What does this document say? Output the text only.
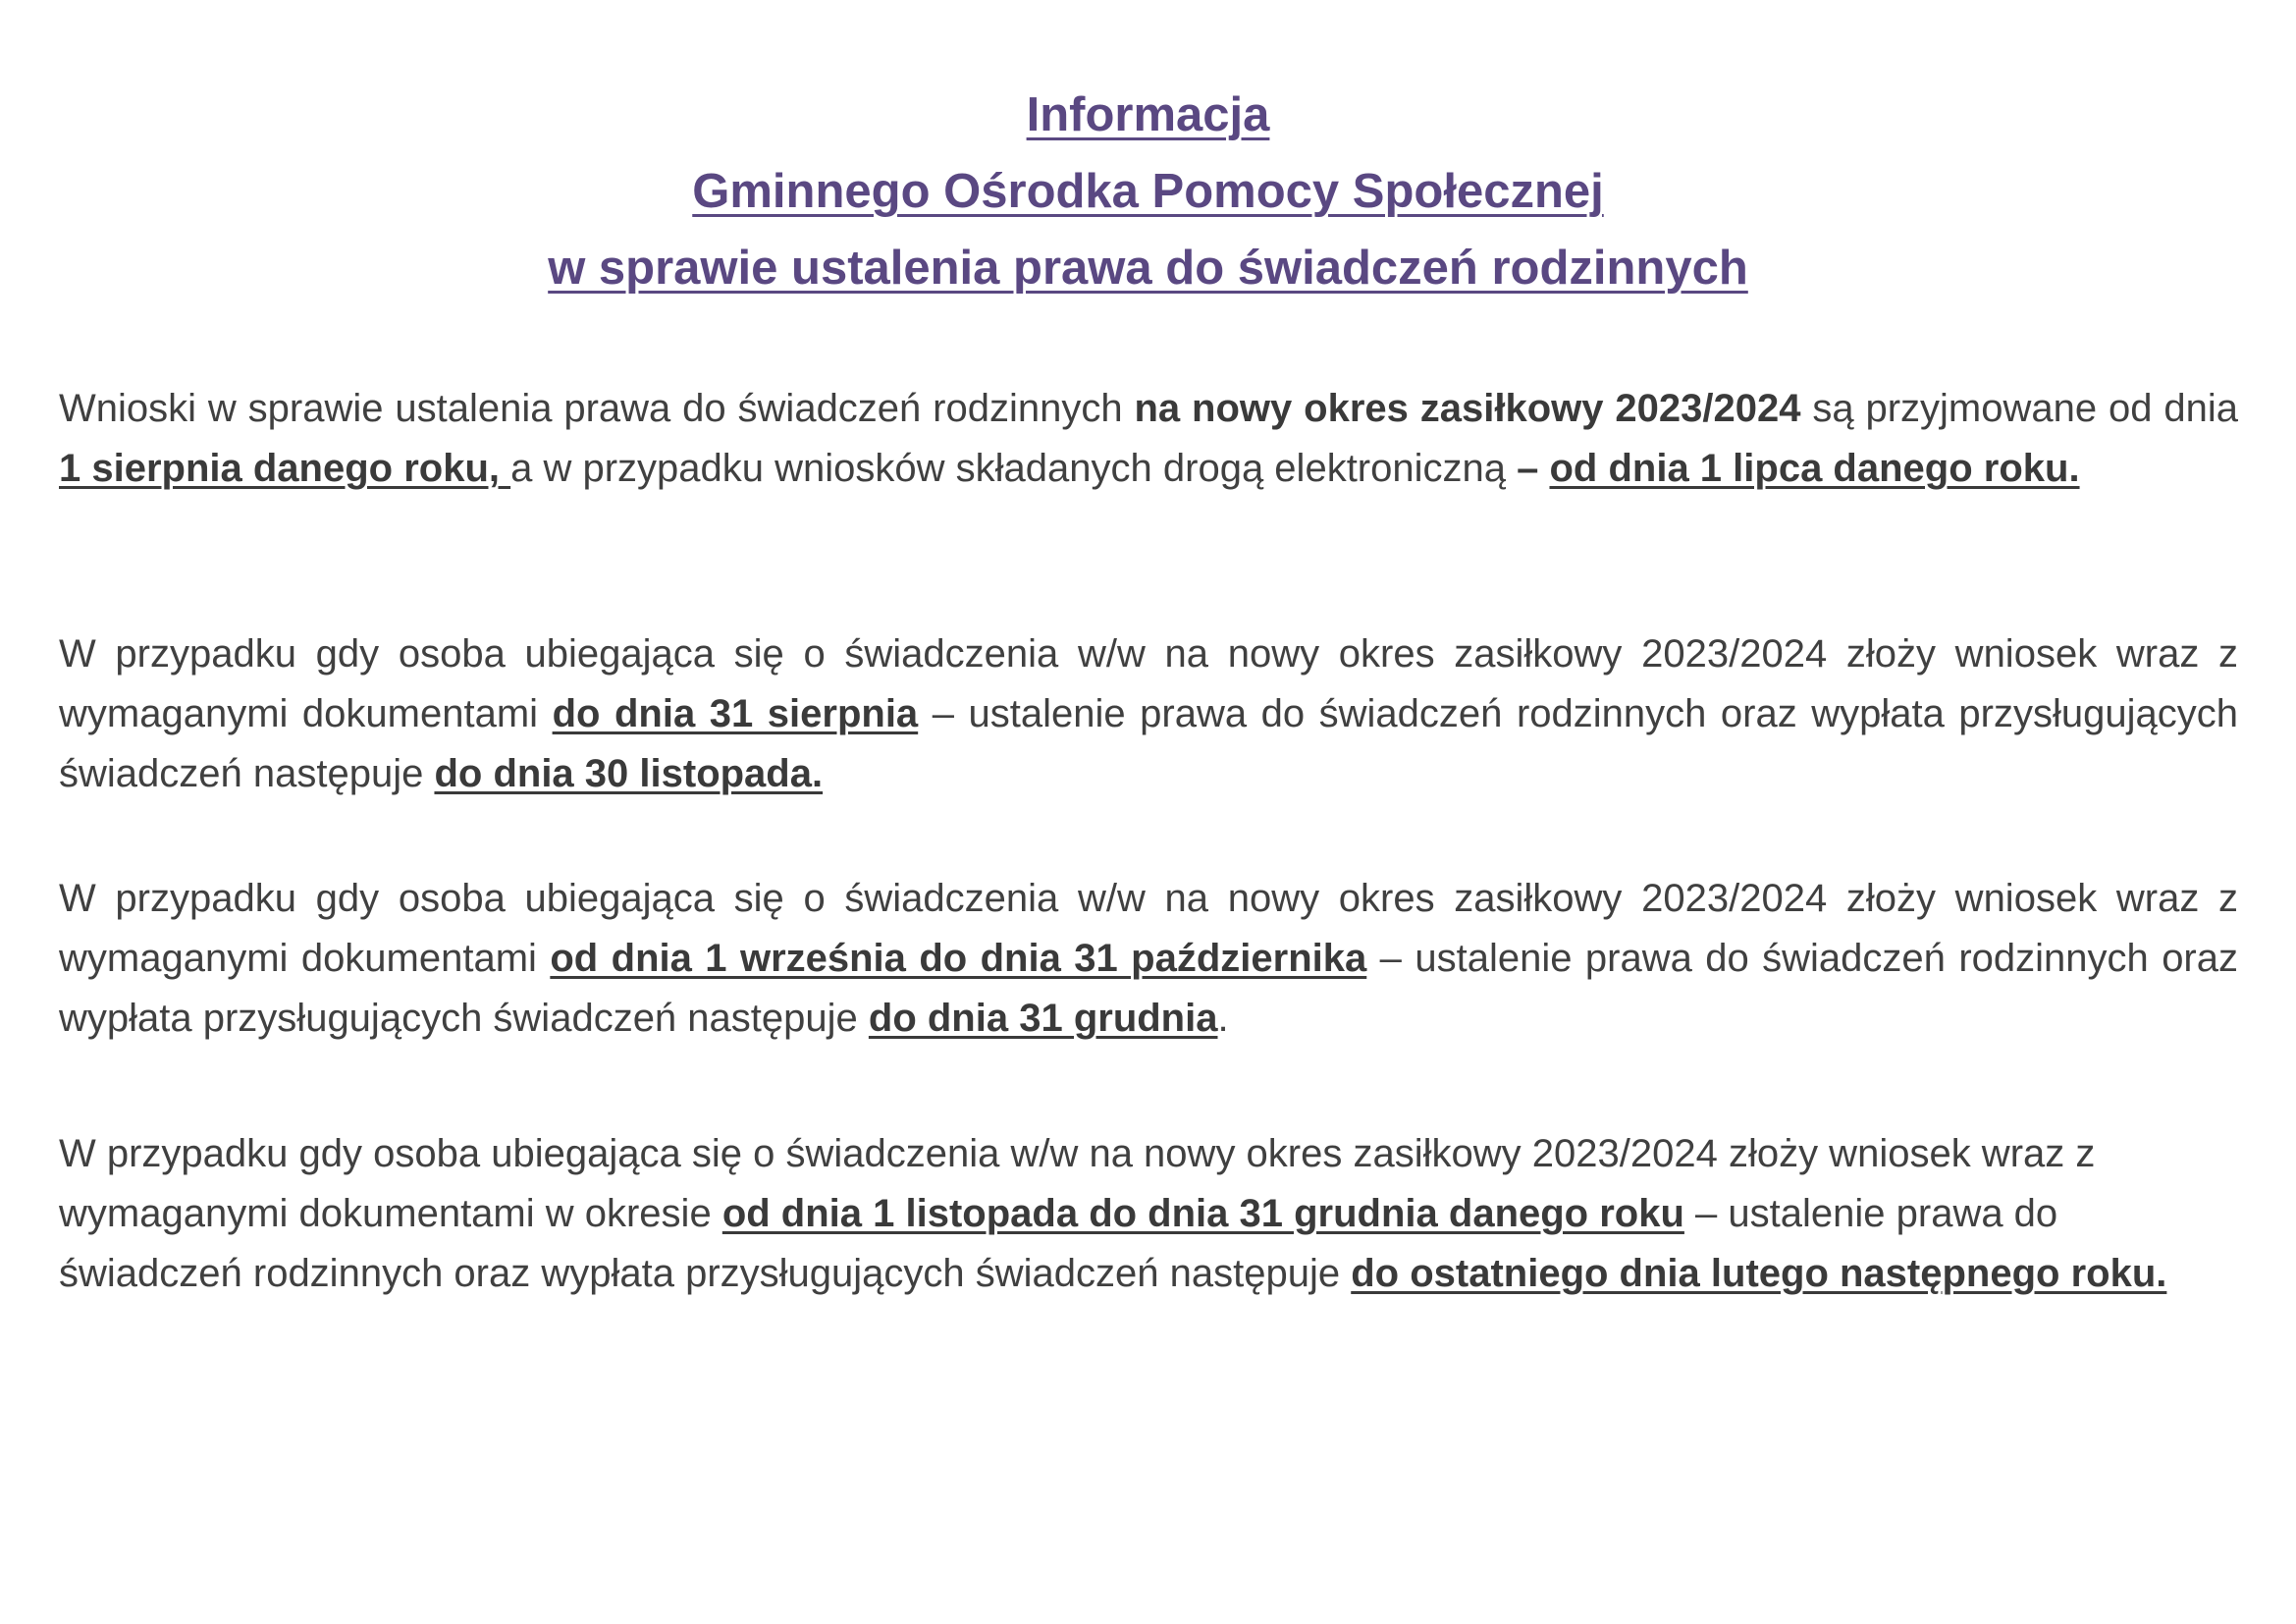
Informacja
Gminnego Ośrodka Pomocy Społecznej
w sprawie ustalenia prawa do świadczeń rodzinnych

Wnioski w sprawie ustalenia prawa do świadczeń rodzinnych na nowy okres zasiłkowy 2023/2024 są przyjmowane od dnia 1 sierpnia danego roku, a w przypadku wniosków składanych drogą elektroniczną – od dnia 1 lipca danego roku.

W przypadku gdy osoba ubiegająca się o świadczenia w/w na nowy okres zasiłkowy 2023/2024 złoży wniosek wraz z wymaganymi dokumentami do dnia 31 sierpnia – ustalenie prawa do świadczeń rodzinnych oraz wypłata przysługujących świadczeń następuje do dnia 30 listopada.

W przypadku gdy osoba ubiegająca się o świadczenia w/w na nowy okres zasiłkowy 2023/2024 złoży wniosek wraz z wymaganymi dokumentami od dnia 1 września do dnia 31 października – ustalenie prawa do świadczeń rodzinnych oraz wypłata przysługujących świadczeń następuje do dnia 31 grudnia.

W przypadku gdy osoba ubiegająca się o świadczenia w/w na nowy okres zasiłkowy 2023/2024 złoży wniosek wraz z wymaganymi dokumentami w okresie od dnia 1 listopada do dnia 31 grudnia danego roku – ustalenie prawa do świadczeń rodzinnych oraz wypłata przysługujących świadczeń następuje do ostatniego dnia lutego następnego roku.
